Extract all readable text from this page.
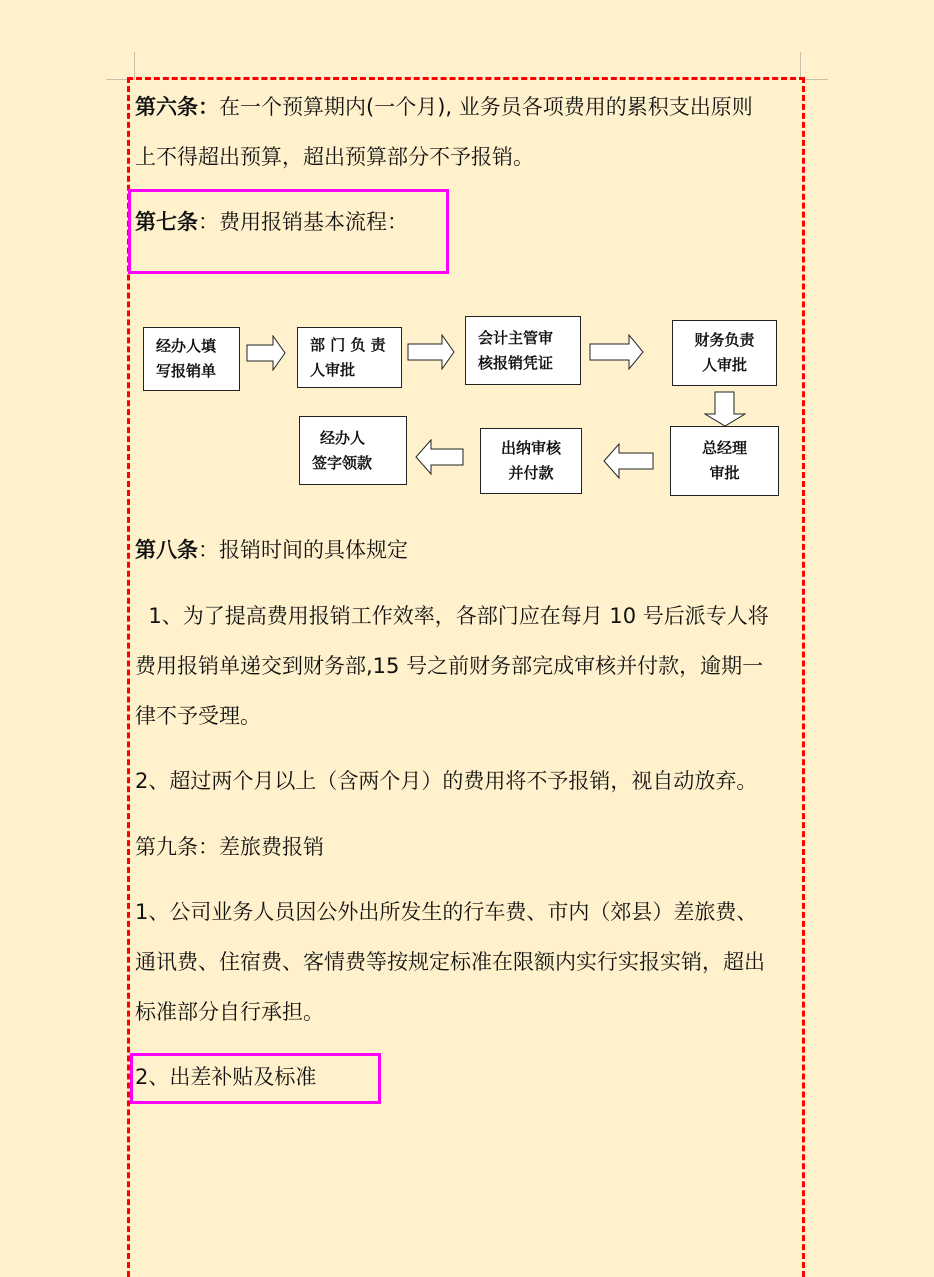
第六条：在一个预算期内(一个月), 业务员各项费用的累积支出原则
上不得超出预算，超出预算部分不予报销。
第七条：费用报销基本流程：
经办人填
写报销单
部 门 负 责
人审批
会计主管审
核报销凭证
财务负责
人审批
总经理
审批
出纳审核
并付款
经办人
签字领款
第八条：报销时间的具体规定
1、为了提高费用报销工作效率，各部门应在每月 10 号后派专人将
费用报销单递交到财务部,15 号之前财务部完成审核并付款，逾期一
律不予受理。
2、超过两个月以上（含两个月）的费用将不予报销，视自动放弃。
第九条：差旅费报销
1、公司业务人员因公外出所发生的行车费、市内（郊县）差旅费、
通讯费、住宿费、客情费等按规定标准在限额内实行实报实销，超出
标准部分自行承担。
2、出差补贴及标准
